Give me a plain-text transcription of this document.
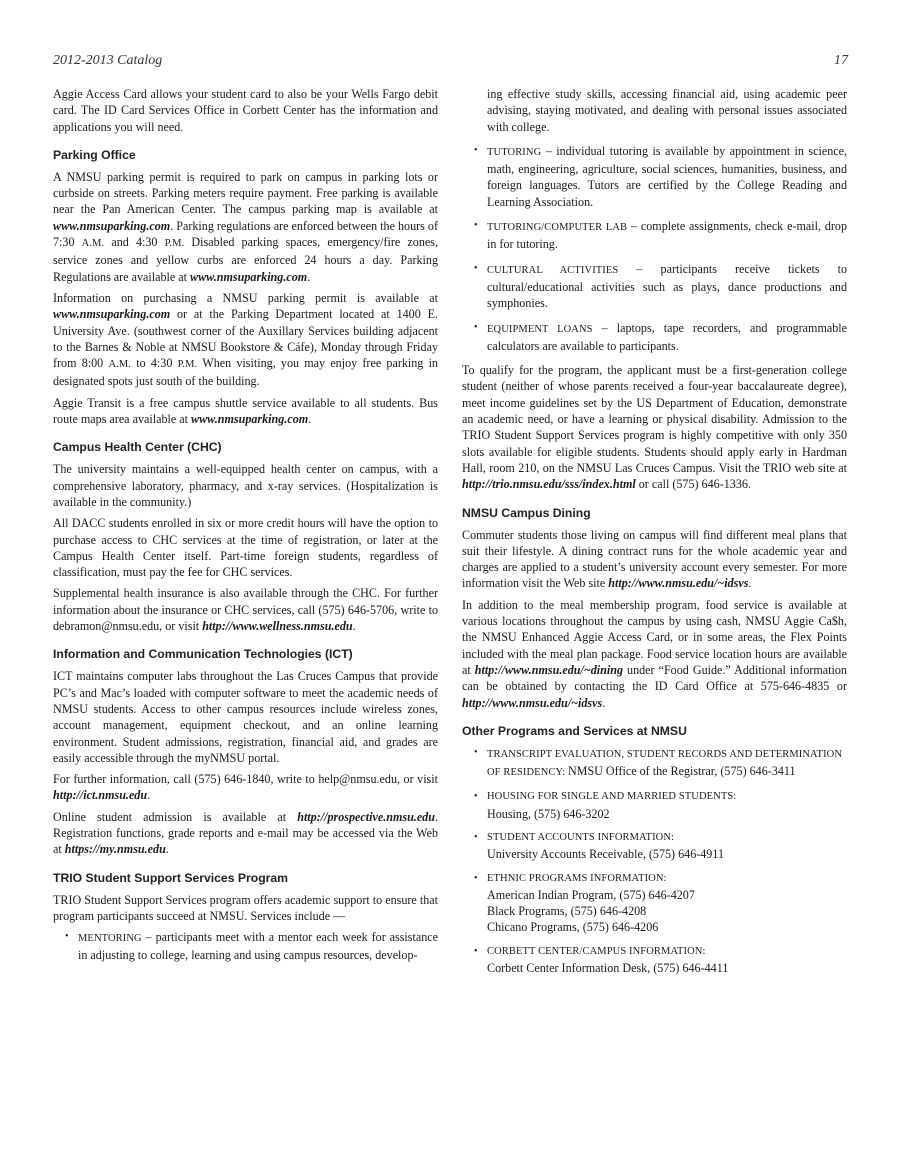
2012-2013 Catalog	17

Aggie Access Card allows your student card to also be your Wells Fargo debit card. The ID Card Services Office in Corbett Center has the information and applications you will need.

Parking Office

A NMSU parking permit is required to park on campus in parking lots or curbside on streets. Parking meters require payment. Free parking is available near the Pan American Center. The campus parking map is available at www.nmsuparking.com. Parking regulations are enforced between the hours of 7:30 A.M. and 4:30 P.M. Disabled parking spaces, emergency/fire zones, service zones and yellow curbs are enforced 24 hours a day. Parking Regulations are available at www.nmsuparking.com.

Information on purchasing a NMSU parking permit is available at www.nmsuparking.com or at the Parking Department located at 1400 E. University Ave. (southwest corner of the Auxillary Services building adjacent to the Barnes & Noble at NMSU Bookstore & Cáfe), Monday through Friday from 8:00 A.M. to 4:30 P.M. When visiting, you may enjoy free parking in designated spots just south of the building.

Aggie Transit is a free campus shuttle service available to all students. Bus route maps area available at www.nmsuparking.com.

Campus Health Center (CHC)

The university maintains a well-equipped health center on campus, with a comprehensive laboratory, pharmacy, and x-ray services. (Hospitalization is available in the community.)

All DACC students enrolled in six or more credit hours will have the option to purchase access to CHC services at the time of registration, or later at the Campus Health Center itself. Part-time foreign students, regardless of classification, must pay the fee for CHC services.

Supplemental health insurance is also available through the CHC. For further information about the insurance or CHC services, call (575) 646-5706, write to debramon@nmsu.edu, or visit http://www.wellness.nmsu.edu.

Information and Communication Technologies (ICT)

ICT maintains computer labs throughout the Las Cruces Campus that provide PC’s and Mac’s loaded with computer software to meet the academic needs of NMSU students. Access to other campus resources include wireless zones, account management, equipment checkout, and an online learning environment. Student admissions, registration, financial aid, and grades are easily accessible through the myNMSU portal.

For further information, call (575) 646-1840, write to help@nmsu.edu, or visit http://ict.nmsu.edu.

Online student admission is available at http://prospective.nmsu.edu. Registration functions, grade reports and e-mail may be accessed via the Web at https://my.nmsu.edu.

TRIO Student Support Services Program

TRIO Student Support Services program offers academic support to ensure that program participants succeed at NMSU. Services include —

• MENTORING – participants meet with a mentor each week for assistance in adjusting to college, learning and using campus resources, develop-
ing effective study skills, accessing financial aid, using academic peer advising, staying motivated, and dealing with personal issues associated with college.
• TUTORING – individual tutoring is available by appointment in science, math, engineering, agriculture, social sciences, humanities, business, and foreign languages. Tutors are certified by the College Reading and Learning Association.
• TUTORING/COMPUTER LAB – complete assignments, check e-mail, drop in for tutoring.
• CULTURAL ACTIVITIES – participants receive tickets to cultural/educational activities such as plays, dance productions and symphonies.
• EQUIPMENT LOANS – laptops, tape recorders, and programmable calculators are available to participants.

To qualify for the program, the applicant must be a first-generation college student (neither of whose parents received a four-year baccalaureate degree), meet income guidelines set by the US Department of Education, demonstrate an academic need, or have a learning or physical disability. Admission to the TRIO Student Support Services program is highly competitive with only 350 slots available for eligible students. Students should apply early in Hardman Hall, room 210, on the NMSU Las Cruces Campus. Visit the TRIO web site at http://trio.nmsu.edu/sss/index.html or call (575) 646-1336.

NMSU Campus Dining

Commuter students those living on campus will find different meal plans that suit their lifestyle. A dining contract runs for the whole academic year and charges are applied to a student’s university account every semester. For more information visit the Web site http://www.nmsu.edu/~idsvs.

In addition to the meal membership program, food service is available at various locations throughout the campus by using cash, NMSU Aggie Ca$h, the NMSU Enhanced Aggie Access Card, or in some areas, the Flex Points included with the meal plan package. Food service location hours are available at http://www.nmsu.edu/~dining under “Food Guide.” Additional information can be obtained by contacting the ID Card Office at 575-646-4835 or http://www.nmsu.edu/~idsvs.

Other Programs and Services at NMSU
• TRANSCRIPT EVALUATION, STUDENT RECORDS AND DETERMINATION OF RESIDENCY: NMSU Office of the Registrar, (575) 646-3411
• HOUSING FOR SINGLE AND MARRIED STUDENTS:
Housing, (575) 646-3202
• STUDENT ACCOUNTS INFORMATION:
University Accounts Receivable, (575) 646-4911
• ETHNIC PROGRAMS INFORMATION:
American Indian Program, (575) 646-4207
Black Programs, (575) 646-4208
Chicano Programs, (575) 646-4206
• CORBETT CENTER/CAMPUS INFORMATION:
Corbett Center Information Desk, (575) 646-4411
